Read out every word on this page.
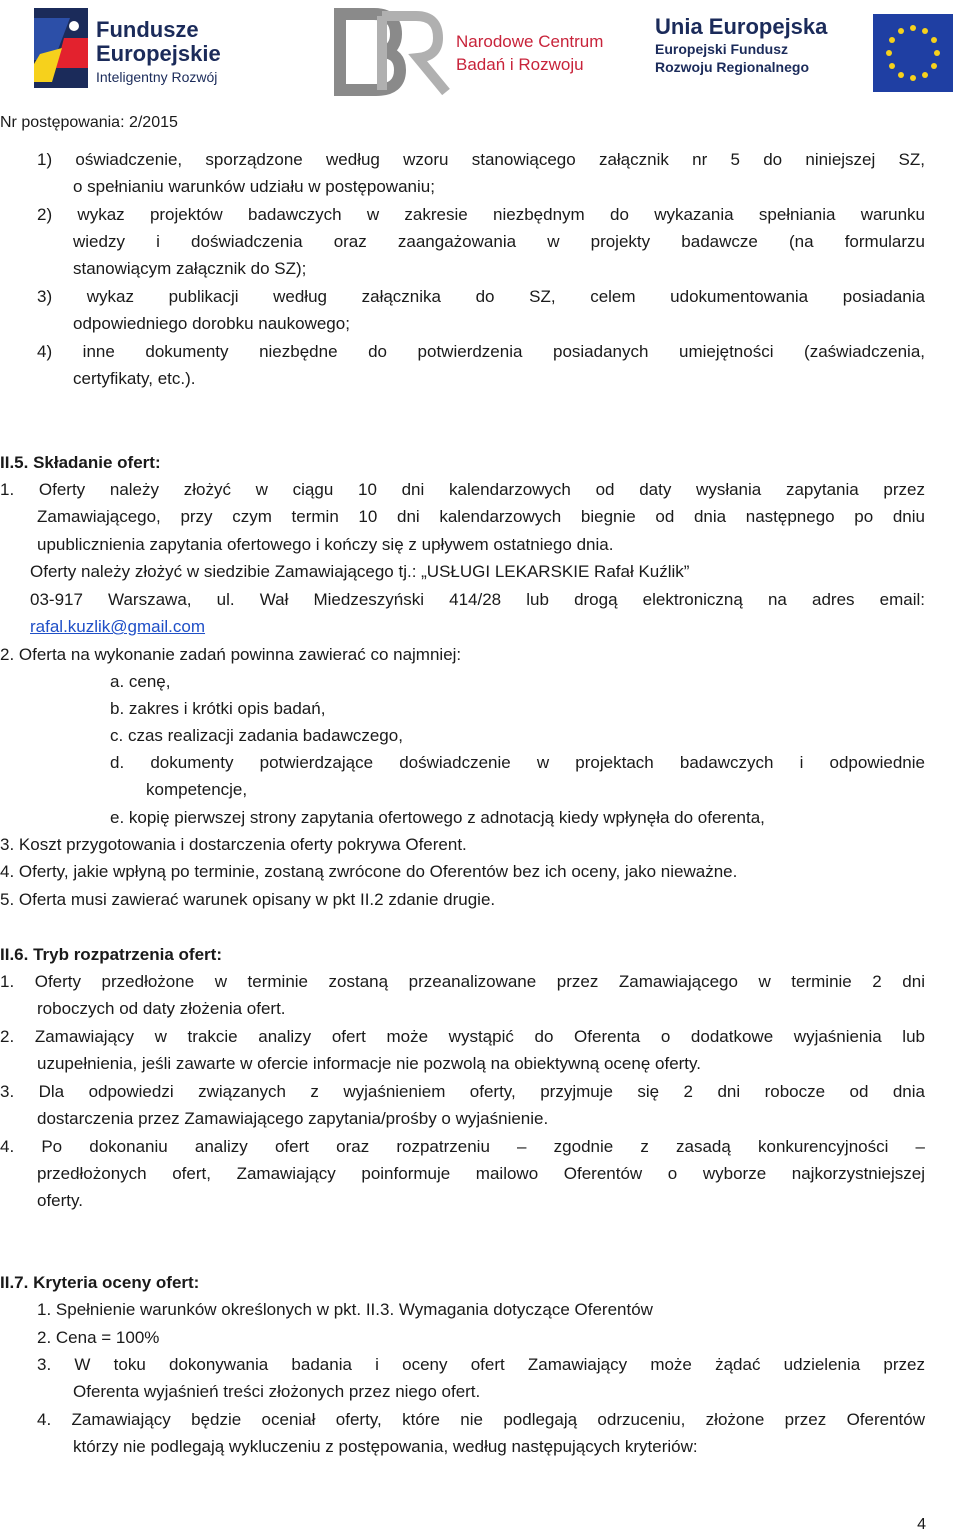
Fundusze
Europejskie
Inteligentny Rozwój
Narodowe Centrum
Badań i Rozwoju
Unia Europejska
Europejski Fundusz
Rozwoju Regionalnego
Nr postępowania: 2/2015
1) oświadczenie, sporządzone według wzoru stanowiącego załącznik nr 5 do niniejszej SZ,
o spełnianiu warunków udziału w postępowaniu;
2) wykaz projektów badawczych w zakresie niezbędnym do wykazania spełniania warunku
wiedzy i doświadczenia oraz zaangażowania w projekty badawcze (na formularzu
stanowiącym załącznik do SZ);
3) wykaz publikacji według załącznika do SZ, celem udokumentowania posiadania
odpowiedniego dorobku naukowego;
4) inne dokumenty niezbędne do potwierdzenia posiadanych umiejętności (zaświadczenia,
certyfikaty, etc.).
II.5. Składanie ofert:
1. Oferty należy złożyć w ciągu 10 dni kalendarzowych od daty wysłania zapytania przez
Zamawiającego, przy czym termin 10 dni kalendarzowych biegnie od dnia następnego po dniu
upublicznienia zapytania ofertowego i kończy się z upływem ostatniego dnia.
Oferty należy złożyć w siedzibie Zamawiającego tj.: „USŁUGI LEKARSKIE Rafał Kuźlik”
03-917 Warszawa, ul. Wał Miedzeszyński 414/28 lub drogą elektroniczną na adres email:
rafal.kuzlik@gmail.com
2. Oferta na wykonanie zadań powinna zawierać co najmniej:
a. cenę,
b. zakres i krótki opis badań,
c. czas realizacji zadania badawczego,
d. dokumenty potwierdzające doświadczenie w projektach badawczych i odpowiednie
kompetencje,
e. kopię pierwszej strony zapytania ofertowego z adnotacją kiedy wpłynęła do oferenta,
3. Koszt przygotowania i dostarczenia oferty pokrywa Oferent.
4. Oferty, jakie wpłyną po terminie, zostaną zwrócone do Oferentów bez ich oceny, jako nieważne.
5. Oferta musi zawierać warunek opisany w pkt II.2 zdanie drugie.
II.6. Tryb rozpatrzenia ofert:
1. Oferty przedłożone w terminie zostaną przeanalizowane przez Zamawiającego w terminie 2 dni
roboczych od daty złożenia ofert.
2. Zamawiający w trakcie analizy ofert może wystąpić do Oferenta o dodatkowe wyjaśnienia lub
uzupełnienia, jeśli zawarte w ofercie informacje nie pozwolą na obiektywną ocenę oferty.
3. Dla odpowiedzi związanych z wyjaśnieniem oferty, przyjmuje się 2 dni robocze od dnia
dostarczenia przez Zamawiającego zapytania/prośby o wyjaśnienie.
4. Po dokonaniu analizy ofert oraz rozpatrzeniu – zgodnie z zasadą konkurencyjności –
przedłożonych ofert, Zamawiający poinformuje mailowo Oferentów o wyborze najkorzystniejszej
oferty.
II.7. Kryteria oceny ofert:
1. Spełnienie warunków określonych w pkt. II.3. Wymagania dotyczące Oferentów
2. Cena = 100%
3. W toku dokonywania badania i oceny ofert Zamawiający może żądać udzielenia przez
Oferenta wyjaśnień treści złożonych przez niego ofert.
4. Zamawiający będzie oceniał oferty, które nie podlegają odrzuceniu, złożone przez Oferentów
którzy nie podlegają wykluczeniu z postępowania, według następujących kryteriów:
4
